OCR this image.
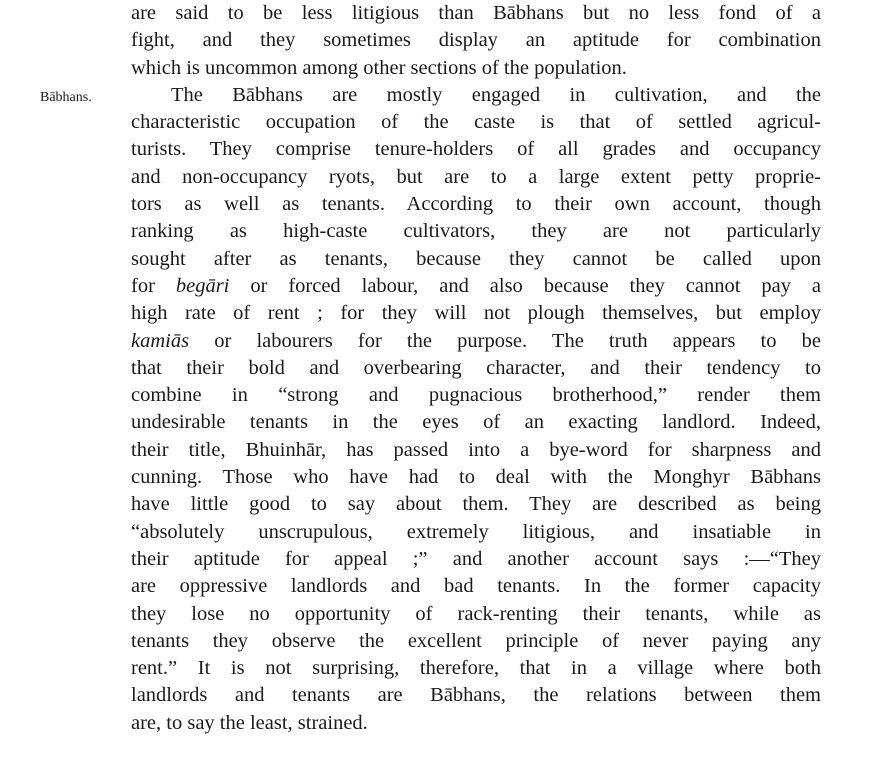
Bābhans.
are said to be less litigious than Bābhans but no less fond of a
fight, and they sometimes display an aptitude for combination
which is uncommon among other sections of the population.
The Bābhans are mostly engaged in cultivation, and the
characteristic occupation of the caste is that of settled agricul-
turists. They comprise tenure-holders of all grades and occupancy
and non-occupancy ryots, but are to a large extent petty proprie-
tors as well as tenants. According to their own account, though
ranking as high-caste cultivators, they are not particularly
sought after as tenants, because they cannot be called upon
for begāri or forced labour, and also because they cannot pay a
high rate of rent ; for they will not plough themselves, but employ
kamiās or labourers for the purpose. The truth appears to be
that their bold and overbearing character, and their tendency to
combine in “strong and pugnacious brotherhood,” render them
undesirable tenants in the eyes of an exacting landlord. Indeed,
their title, Bhuinhār, has passed into a bye-word for sharpness and
cunning. Those who have had to deal with the Monghyr Bābhans
have little good to say about them. They are described as being
“absolutely unscrupulous, extremely litigious, and insatiable in
their aptitude for appeal ;” and another account says :—“They
are oppressive landlords and bad tenants. In the former capacity
they lose no opportunity of rack-renting their tenants, while as
tenants they observe the excellent principle of never paying any
rent.” It is not surprising, therefore, that in a village where both
landlords and tenants are Bābhans, the relations between them
are, to say the least, strained.
